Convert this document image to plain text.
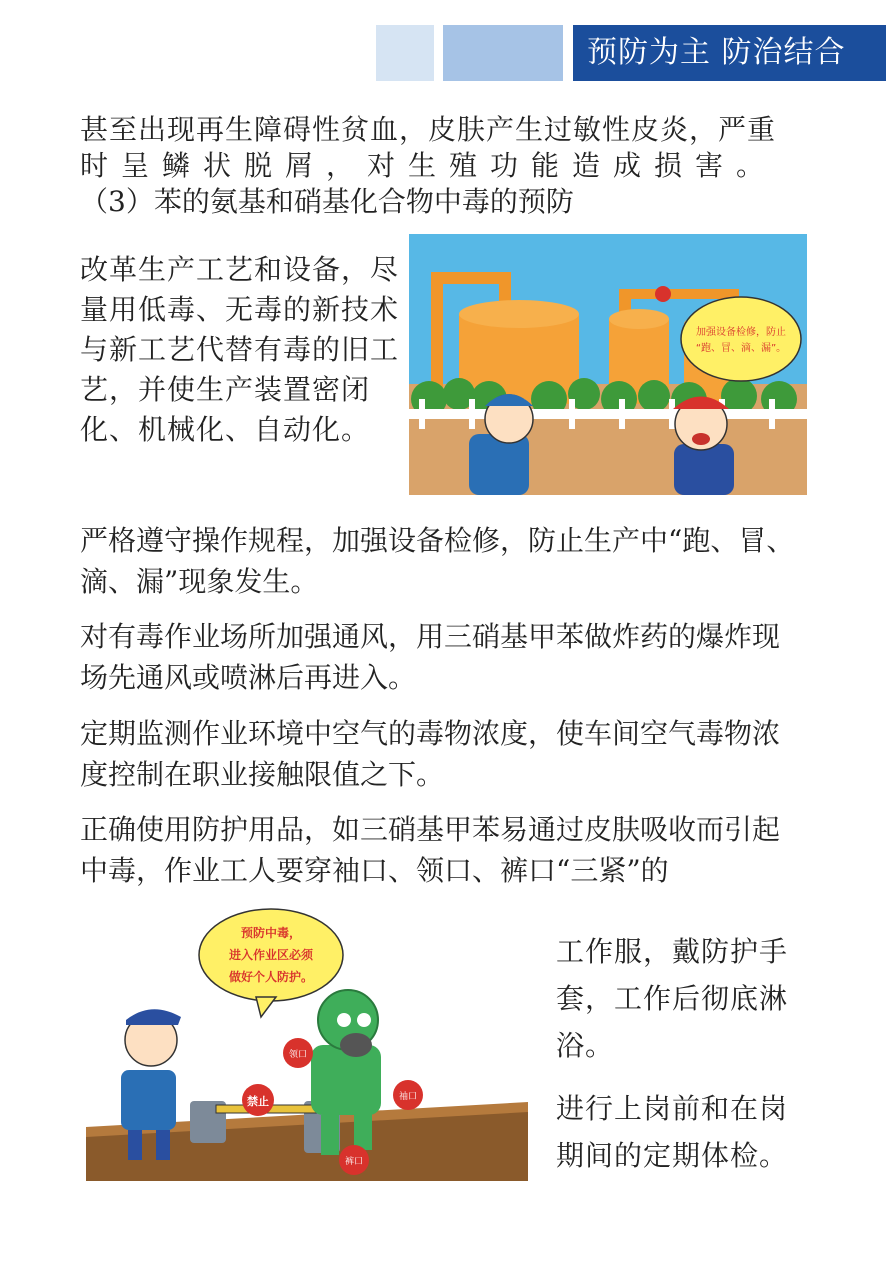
预防为主 防治结合
甚至出现再生障碍性贫血，皮肤产生过敏性皮炎，严重
时呈鳞状脱屑，对生殖功能造成损害。
（3）苯的氨基和硝基化合物中毒的预防

改革生产工艺和设备，尽量用低毒、无毒的新技术与新工艺代替有毒的旧工艺，并使生产装置密闭化、机械化、自动化。

加强设备检修，防止
“跑、冒、滴、漏”。

严格遵守操作规程，加强设备检修，防止生产中“跑、冒、滴、漏”现象发生。

对有毒作业场所加强通风，用三硝基甲苯做炸药的爆炸现场先通风或喷淋后再进入。

定期监测作业环境中空气的毒物浓度，使车间空气毒物浓度控制在职业接触限值之下。

正确使用防护用品，如三硝基甲苯易通过皮肤吸收而引起中毒，作业工人要穿袖口、领口、裤口“三紧”的

预防中毒，
进入作业区必须
做好个人防护。
禁止
领口
袖口
裤口

工作服，戴防护手套，工作后彻底淋浴。

进行上岗前和在岗期间的定期体检。
